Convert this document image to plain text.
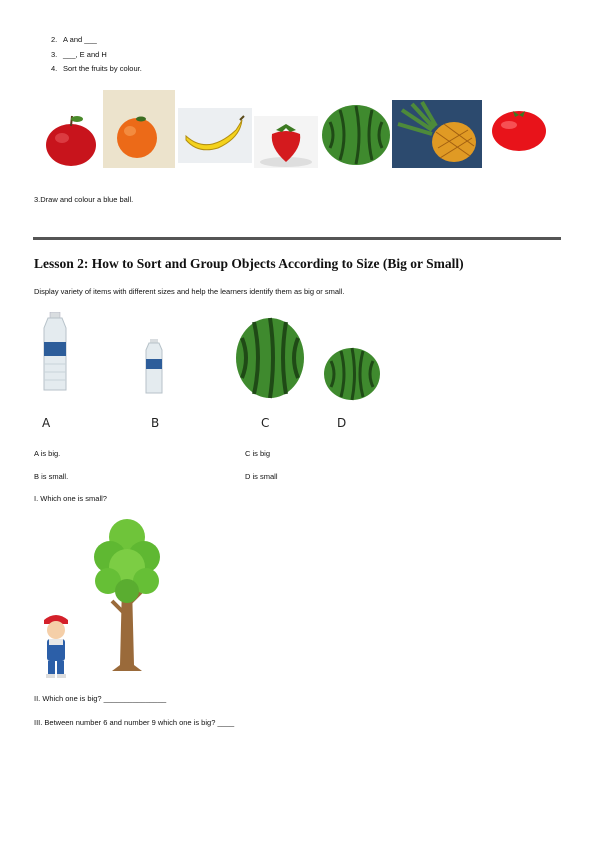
2. A and ___
3. ___, E and H
4. Sort the fruits by colour.
3.Draw and colour a blue ball.
Lesson 2: How to Sort and Group Objects According to Size (Big or Small)
Display variety of items with different sizes and help the learners identify them as big or small.
A	B	C	D
A is big.	C is big
B is small.	D is small
I. Which one is small?
II. Which one is big? _______________
III. Between number 6 and number 9 which one is big? ____
